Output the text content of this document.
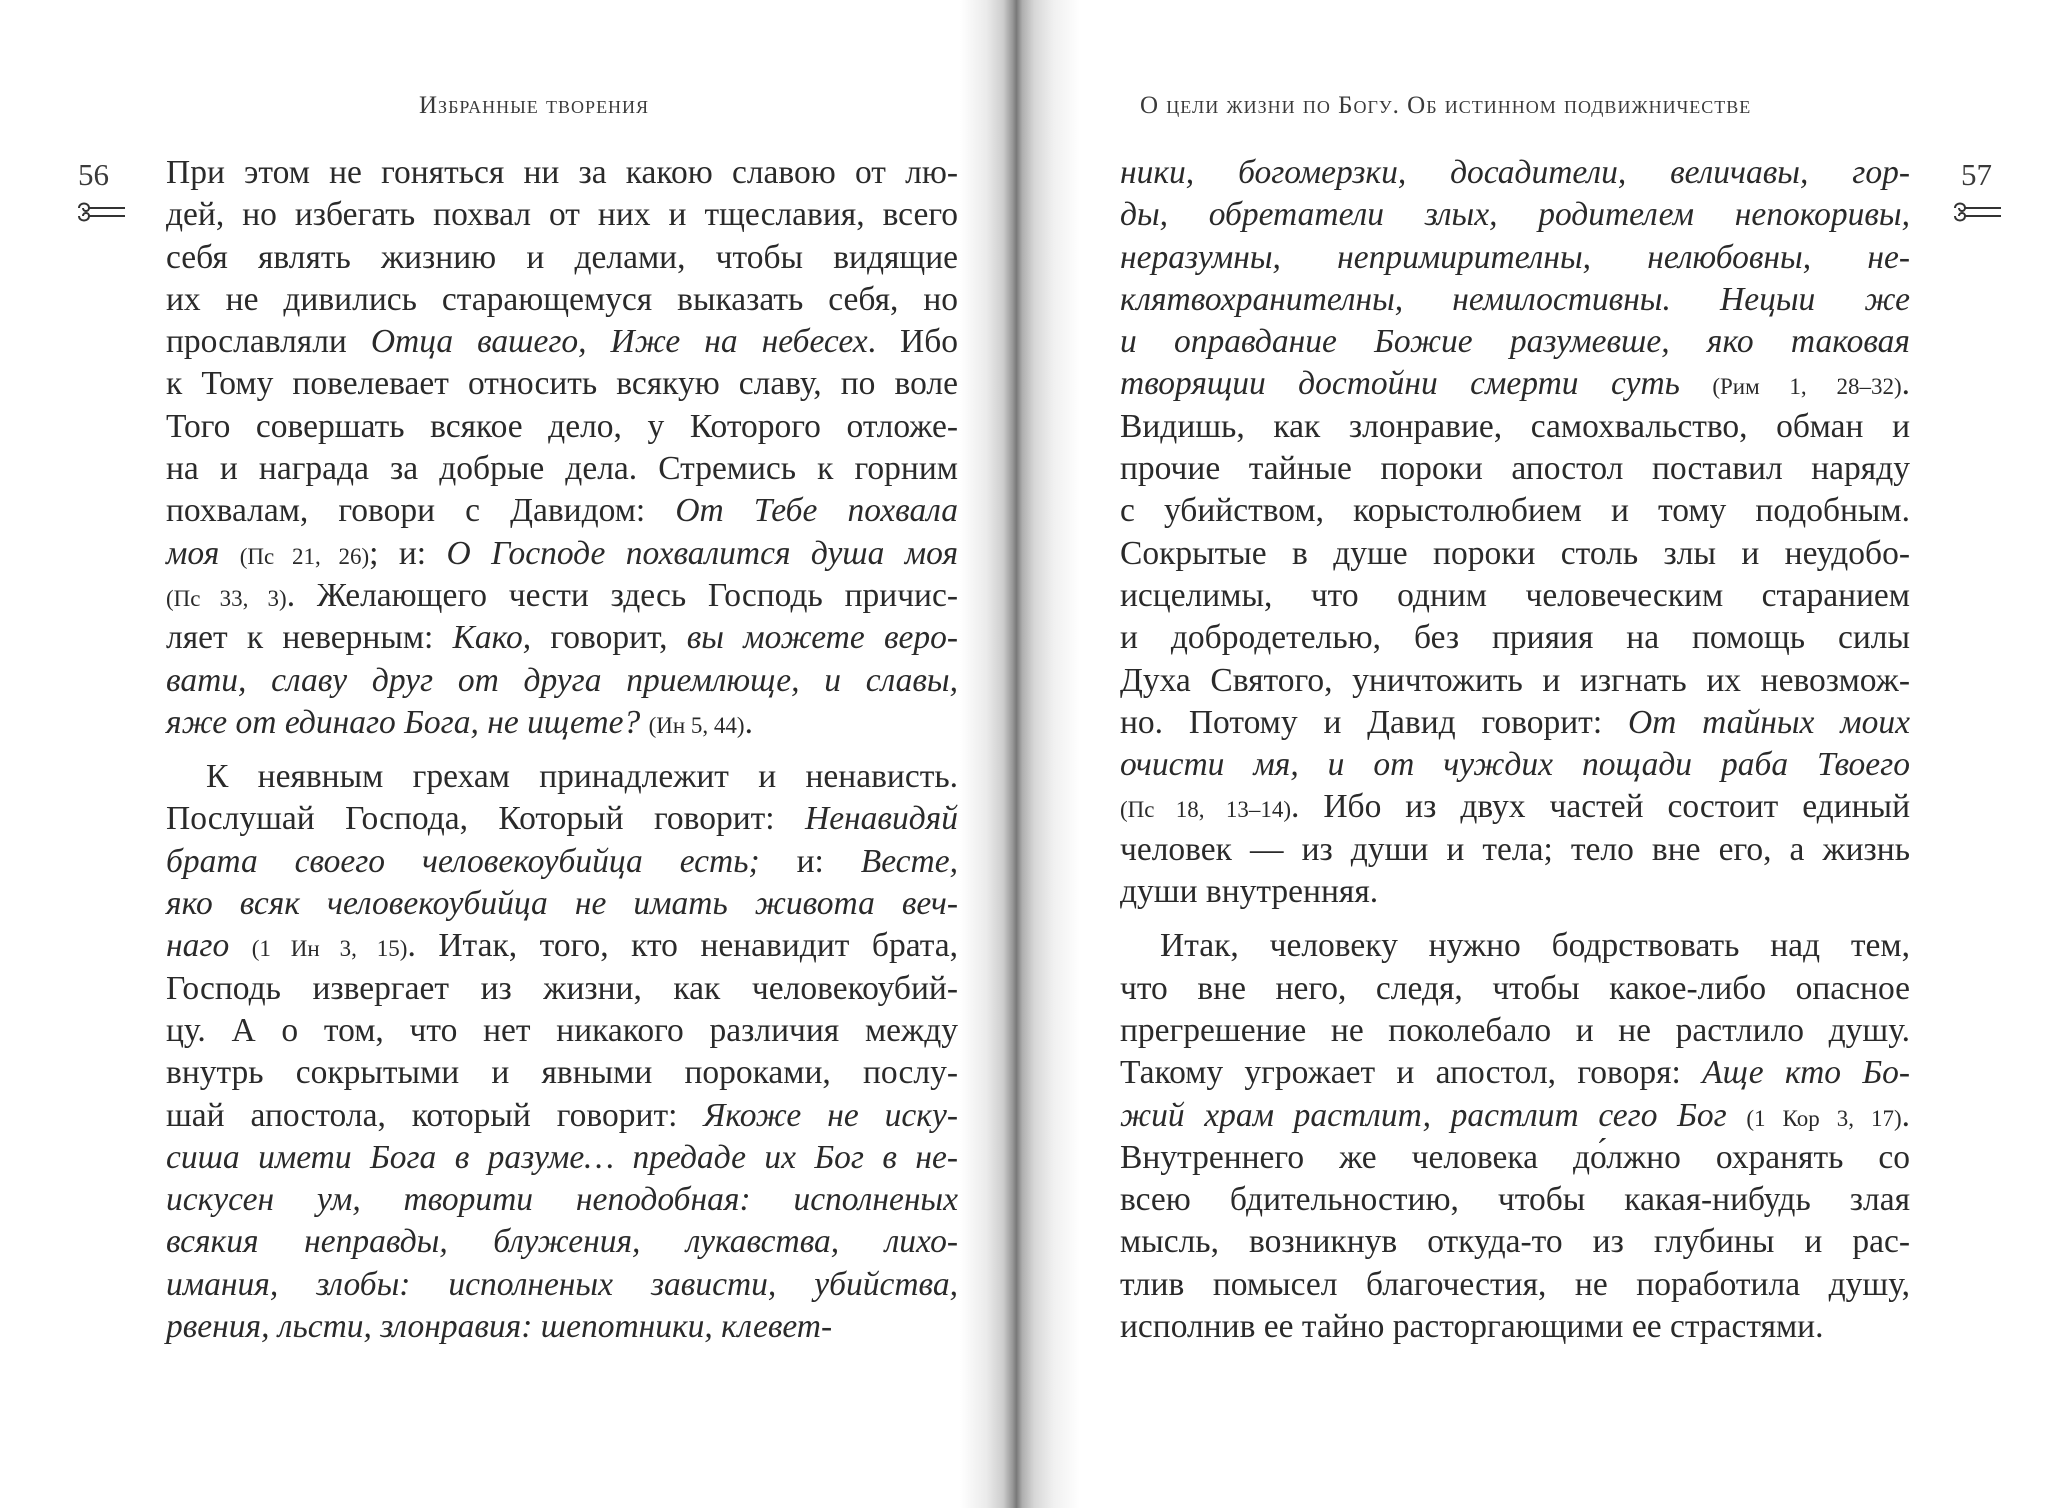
Избранные творения
56 При этом не гоняться ни за какою славою от лю-
дей, но избегать похвал от них и тщеславия, всего
себя являть жизнию и делами, чтобы видящие
их не дивились старающемуся выказать себя, но
прославляли Отца вашего, Иже на небесех. Ибо
к Тому повелевает относить всякую славу, по воле
Того совершать всякое дело, у Которого отложе-
на и награда за добрые дела. Стремись к горним
похвалам, говори с Давидом: От Тебе похвала
моя (Пс 21, 26); и: О Господе похвалится душа моя
(Пс 33, 3). Желающего чести здесь Господь причис-
ляет к неверным: Како, говорит, вы можете веро-
вати, славу друг от друга приемлюще, и славы,
яже от единаго Бога, не ищете? (Ин 5, 44).
К неявным грехам принадлежит и ненависть.
Послушай Господа, Который говорит: Ненавидяй
брата своего человекоубийца есть; и: Весте,
яко всяк человекоубийца не имать живота веч-
наго (1 Ин 3, 15). Итак, того, кто ненавидит брата,
Господь извергает из жизни, как человекоубий-
цу. А о том, что нет никакого различия между
внутрь сокрытыми и явными пороками, послу-
шай апостола, который говорит: Якоже не иску-
сиша имети Бога в разуме… предаде их Бог в не-
искусен ум, творити неподобная: исполненых
всякия неправды, блужения, лукавства, лихо-
имания, злобы: исполненых зависти, убийства,
рвения, льсти, злонравия: шепотники, клевет-
О цели жизни по Богу. Об истинном подвижничестве
57
ники, богомерзки, досадители, величавы, гор-
ды, обретатели злых, родителем непокоривы,
неразумны, непримирителны, нелюбовны, не-
клятвохранителны, немилостивны. Нецыи же
и оправдание Божие разумевше, яко таковая
творящии достойни смерти суть (Рим 1, 28–32).
Видишь, как злонравие, самохвальство, обман и
прочие тайные пороки апостол поставил наряду
с убийством, корыстолюбием и тому подобным.
Сокрытые в душе пороки столь злы и неудобо-
исцелимы, что одним человеческим старанием
и добродетелью, без прияия на помощь силы
Духа Святого, уничтожить и изгнать их невозмож-
но. Потому и Давид говорит: От тайных моих
очисти мя, и от чуждих пощади раба Твоего
(Пс 18, 13–14). Ибо из двух частей состоит единый
человек — из души и тела; тело вне его, а жизнь
души внутренняя.
Итак, человеку нужно бодрствовать над тем,
что вне него, следя, чтобы какое-либо опасное
прегрешение не поколебало и не растлило душу.
Такому угрожает и апостол, говоря: Аще кто Бо-
жий храм растлит, растлит сего Бог (1 Кор 3, 17).
Внутреннего же человека до́лжно охранять со
всею бдительностию, чтобы какая-нибудь злая
мысль, возникнув откуда-то из глубины и рас-
тлив помысел благочестия, не поработила душу,
исполнив ее тайно расторгающими ее страстями.
